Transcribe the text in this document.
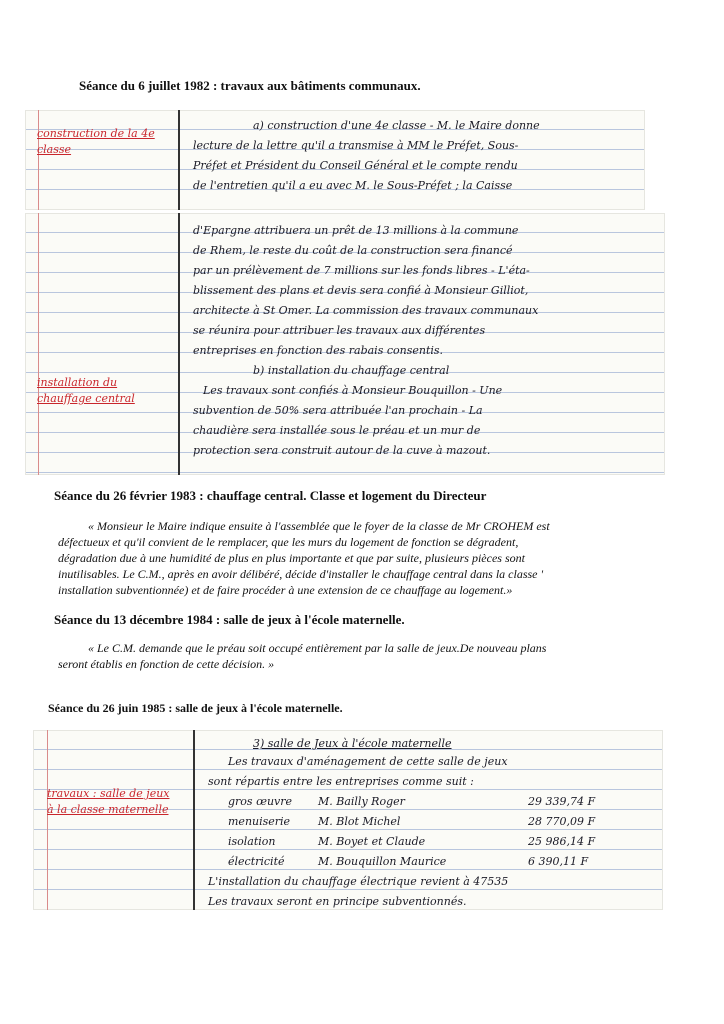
Séance du 6 juillet 1982 : travaux aux bâtiments communaux.
construction de la 4e classe
a) construction d'une 4e classe - M. le Maire donne
lecture de la lettre qu'il a transmise à MM le Préfet, Sous-
Préfet et Président du Conseil Général et le compte rendu
de l'entretien qu'il a eu avec M. le Sous-Préfet ; la Caisse
installation du chauffage central
d'Epargne attribuera un prêt de 13 millions à la commune
de Rhem, le reste du coût de la construction sera financé
par un prélèvement de 7 millions sur les fonds libres - L'éta-
blissement des plans et devis sera confié à Monsieur Gilliot,
architecte à St Omer. La commission des travaux communaux
se réunira pour attribuer les travaux aux différentes
entreprises en fonction des rabais consentis.
b) installation du chauffage central
Les travaux sont confiés à Monsieur Bouquillon - Une
subvention de 50% sera attribuée l'an prochain - La
chaudière sera installée sous le préau et un mur de
protection sera construit autour de la cuve à mazout.
Séance du 26 février 1983 : chauffage central. Classe et logement du Directeur

« Monsieur le Maire indique ensuite à l'assemblée que le foyer de la classe de Mr CROHEM est

défectueux et qu'il convient de le remplacer, que les murs du logement de fonction se dégradent,

dégradation due à une humidité de plus en plus importante et que par suite, plusieurs pièces sont

inutilisables. Le C.M., après en avoir délibéré, décide d'installer le chauffage central dans la classe '

installation subventionnée) et de faire procéder à une extension de ce chauffage au logement.»

Séance du 13 décembre 1984 : salle de jeux à l'école maternelle.

« Le C.M. demande que le préau soit occupé entièrement par la salle de jeux.De nouveau plans

seront établis en fonction de cette décision. »

Séance du 26 juin 1985 : salle de jeux à l'école maternelle.
travaux : salle de jeux à la classe maternelle
3) salle de Jeux à l'école maternelle
Les travaux d'aménagement de cette salle de jeux
sont répartis entre les entreprises comme suit :
gros œuvre M. Bailly Roger	29 339,74 F
menuiserie	M. Blot Michel	28 770,09 F
isolation	M. Boyet et Claude	25 986,14 F
électricité	M. Bouquillon Maurice	6 390,11 F
L'installation du chauffage électrique revient à 47535
Les travaux seront en principe subventionnés.
